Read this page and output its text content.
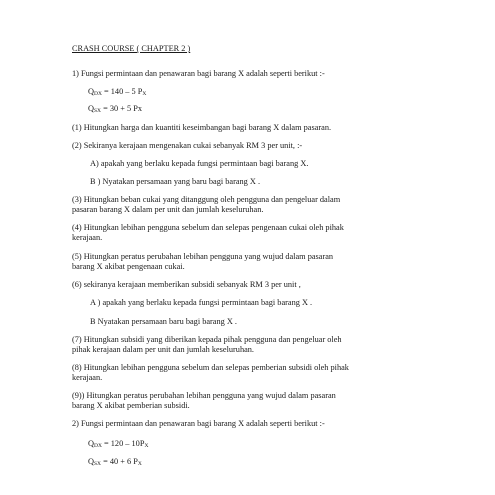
CRASH COURSE ( CHAPTER 2 )
1) Fungsi permintaan dan penawaran bagi barang X adalah seperti berikut :-
$Q_{DX} = 140 - 5$ $P_X$
$Q_{SX} = 30 + 5$ Px
(1) Hitungkan harga dan kuantiti keseimbangan bagi barang X dalam pasaran.
(2) Sekiranya kerajaan mengenakan cukai sebanyak RM 3 per unit, :-
A) apakah yang berlaku kepada fungsi permintaan bagi barang X.
B ) Nyatakan persamaan yang baru bagi barang X .
(3) Hitungkan beban cukai yang ditanggung oleh pengguna dan pengeluar dalam
pasaran barang X dalam per unit dan jumlah keseluruhan.
(4) Hitungkan lebihan pengguna sebelum dan selepas pengenaan cukai oleh pihak
kerajaan.
(5) Hitungkan peratus perubahan lebihan pengguna yang wujud dalam pasaran
barang X akibat pengenaan cukai.
(6) sekiranya kerajaan memberikan subsidi sebanyak RM 3 per unit ,
A ) apakah yang berlaku kepada fungsi permintaan bagi barang X .
B Nyatakan persamaan baru bagi barang X .
(7) Hitungkan subsidi yang diberikan kepada pihak pengguna dan pengeluar oleh
pihak kerajaan dalam per unit dan jumlah keseluruhan.
(8) Hitungkan lebihan pengguna sebelum dan selepas pemberian subsidi oleh pihak
kerajaan.
(9)) Hitungkan peratus perubahan lebihan pengguna yang wujud dalam pasaran
barang X akibat pemberian subsidi.
2) Fungsi permintaan dan penawaran bagi barang X adalah seperti berikut :-
$Q_{DX} = 120 - 10P_X$
$Q_{SX} = 40 + 6$ $P_X$
